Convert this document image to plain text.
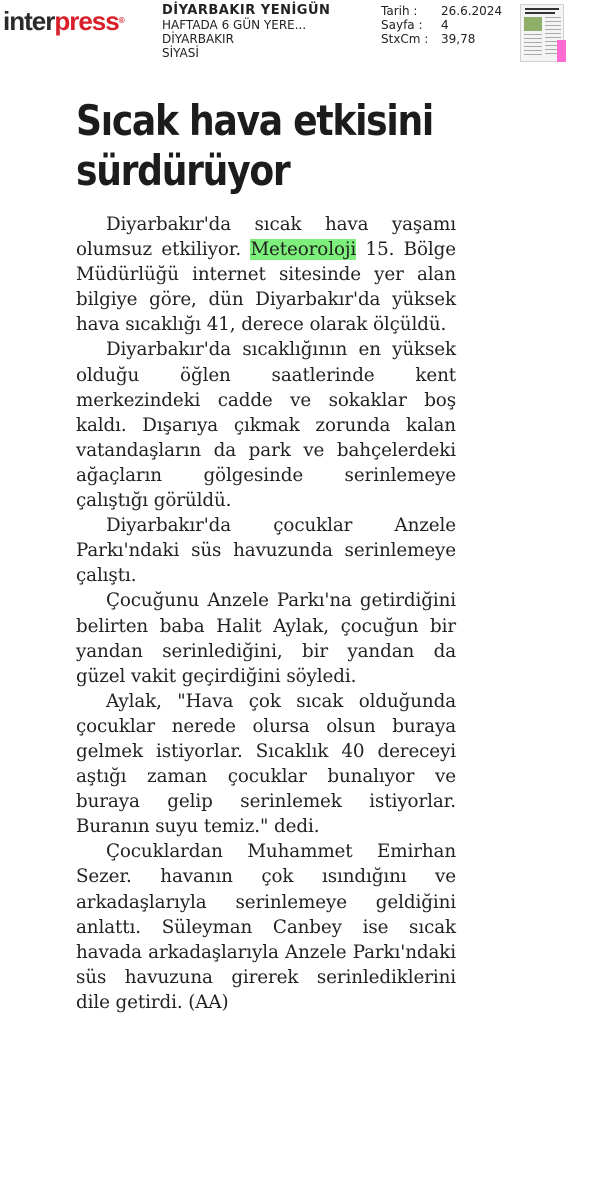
interpress®
DİYARBAKIR YENİGÜN
HAFTADA 6 GÜN YERE...
DİYARBAKIR
SİYASİ
Tarih :	26.6.2024
Sayfa :	4
StxCm :	39,78
Sıcak hava etkisini
sürdürüyor

Diyarbakır'da sıcak hava yaşamı olumsuz etkiliyor. Meteoroloji 15. Bölge Müdürlüğü internet sitesinde yer alan bilgiye göre, dün Diyarbakır'da yüksek hava sıcaklığı 41, derece olarak ölçüldü.

Diyarbakır'da sıcaklığının en yüksek olduğu öğlen saatlerinde kent merkezindeki cadde ve sokaklar boş kaldı. Dışarıya çıkmak zorunda kalan vatandaşların da park ve bahçelerdeki ağaçların gölgesinde serinlemeye çalıştığı görüldü.

Diyarbakır'da çocuklar Anzele Parkı'ndaki süs havuzunda serinlemeye çalıştı.

Çocuğunu Anzele Parkı'na getirdiğini belirten baba Halit Aylak, çocuğun bir yandan serinlediğini, bir yandan da güzel vakit geçirdiğini söyledi.

Aylak, "Hava çok sıcak olduğunda çocuklar nerede olursa olsun buraya gelmek istiyorlar. Sıcaklık 40 dereceyi aştığı zaman çocuklar bunalıyor ve buraya gelip serinlemek istiyorlar. Buranın suyu temiz." dedi.

Çocuklardan Muhammet Emirhan Sezer. havanın çok ısındığını ve arkadaşlarıyla serinlemeye geldiğini anlattı. Süleyman Canbey ise sıcak havada arkadaşlarıyla Anzele Parkı'ndaki süs havuzuna girerek serinlediklerini dile getirdi. (AA)
